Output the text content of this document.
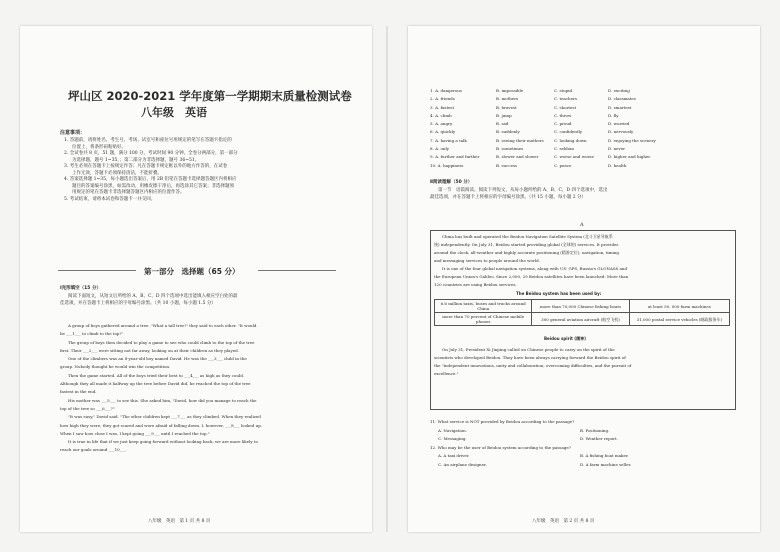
坪山区 2020-2021 学年度第一学期期末质量检测试卷
八年级　英语
注意事项：
1. 答题前，请将姓名、考生号、考场、试室号和座位号用规定的笔写在答题卡指定的
位置上，将条形码粘贴好。
2. 全试卷共 8 页，51 题，满分 100 分，考试时间 90 分钟。全卷分两部分，第一部分
为选择题，题号 1~35，；第二部分为非选择题，题号 36~51。
3. 考生必须在答题卡上按规定作答；凡在答题卡规定框以外的地方作答的，在试卷
上作无效，答题卡必须保持清洁，不能折叠。
4. 答案选择题 1~35，每小题选出答案后，用 2B 铅笔在答题卡选择题答题区内将相应
题目的答案编号涂黑，如需改动，用橡皮擦干净后，再选涂其它答案；非选择题须
用规定的笔在答题卡非选择题答题区内相应的位置作答。
5. 考试结束，请将本试卷和答题卡一并交回。
第一部分　选择题（65 分）
Ⅰ完形填空（15 分）
阅读下面短文，从短文后所给的 A、B、C、D 四个选项中选出能填入相应空白处的最
佳选项，并在答题卡上将相应的字母编号涂黑。（共 10 小题，每小题 1.5 分）
A group of boys gathered around a tree. "What a tall tree!" they said to each other. "It would
be ___1___ to climb to the top!"
The group of boys then decided to play a game to see who could climb to the top of the tree
first. Their ___2___ were sitting not far away, looking on at their children as they played.
One of the climbers was an 8-year-old boy named David. He was the ___3___ child in the
group. Nobody thought he would win the competition.
Then the game started. All of the boys tried their best to ___4___ as high as they could.
Although they all made it halfway up the tree before David did, he reached the top of the tree
fastest in the end.
His mother was ___5___ to see this. She asked him, "David, how did you manage to reach the
top of the tree so ___6___?"
"It was easy," David said. "The other children kept ___7___ as they climbed. When they realized
how high they were, they got scared and were afraid of falling down. I, however, ___8___ looked up.
When I saw how close I was, I kept going ___9___ until I reached the top."
It is true in life that if we just keep going forward without looking back, we are more likely to
reach our goals around ___10___.
八年级　英语　第 1 页 共 8 页
1. A. dangerous	B. impossible	C. stupid	D. exciting
2. A. friends	B. mothers	C. teachers	D. classmates
3. A. fastest	B. bravest	C. shortest	D. smartest
4. A. climb	B. jump	C. throw	D. fly
5. A. angry	B. sad	C. proud	D. worried
6. A. quickly	B. suddenly	C. confidently	D. nervously
7. A. having a talk	B. seeing their mothers	C. looking down	D. enjoying the scenery
8. A. only	B. sometimes	C. seldom	D. never
9. A. further and further	B. slower and slower	C. worse and worse	D. higher and higher
10. A. happiness	B. success	C. peace	D. health
Ⅱ阅读理解（50 分）
第一节　语篇阅读。阅读下列短文，从每小题所给的 A、B、C、D 四个选项中，选出
最佳选项，并在答题卡上将相应的字母编号涂黑。（共 15 小题，每小题 2 分）
A
China has built and operated the Beidou Navigation Satellite System (北斗卫星导航系
统) independently. On July 31, Beidou started providing global (全球的) services. It provides
around the clock, all-weather and highly accurate positioning (精准定位), navigation, timing
and messaging services to people around the world.
It is one of the four global navigation systems, along with US' GPS, Russia's GLONASS and
the European Union's Galileo. Since 2,000, 29 Beidou satellites have been launched. More than
120 countries are using Beidou services.
The Beidou system has been used by:
6.6 million taxis, buses and trucks around China	more than 70,000 Chinese fishing boats	at least 50, 000 farm machines
more than 70 percent of Chinese mobile phones	300 general aviation aircraft (航空飞机)	31,000 postal service vehicles (邮政服务车)
Beidou spirit (精神)
On July 31, President Xi Jinping called on Chinese people to carry on the spirit of the
scientists who developed Beidou. They have been always carrying forward the Beidou spirit of
the "independent innovations, unity and collaboration, overcoming difficulties, and the pursuit of
excellence."
11. What service is NOT provided by Beidou according to the passage?
A. Navigation.	B. Positioning.
C. Messaging.	D. Weather report.
12. Who may be the user of Beidou system according to the passage?
A. A taxi driver.	B. A fishing boat maker.
C. An airplane designer.	D. A farm machine seller.
八年级　英语　第 2 页 共 8 页
